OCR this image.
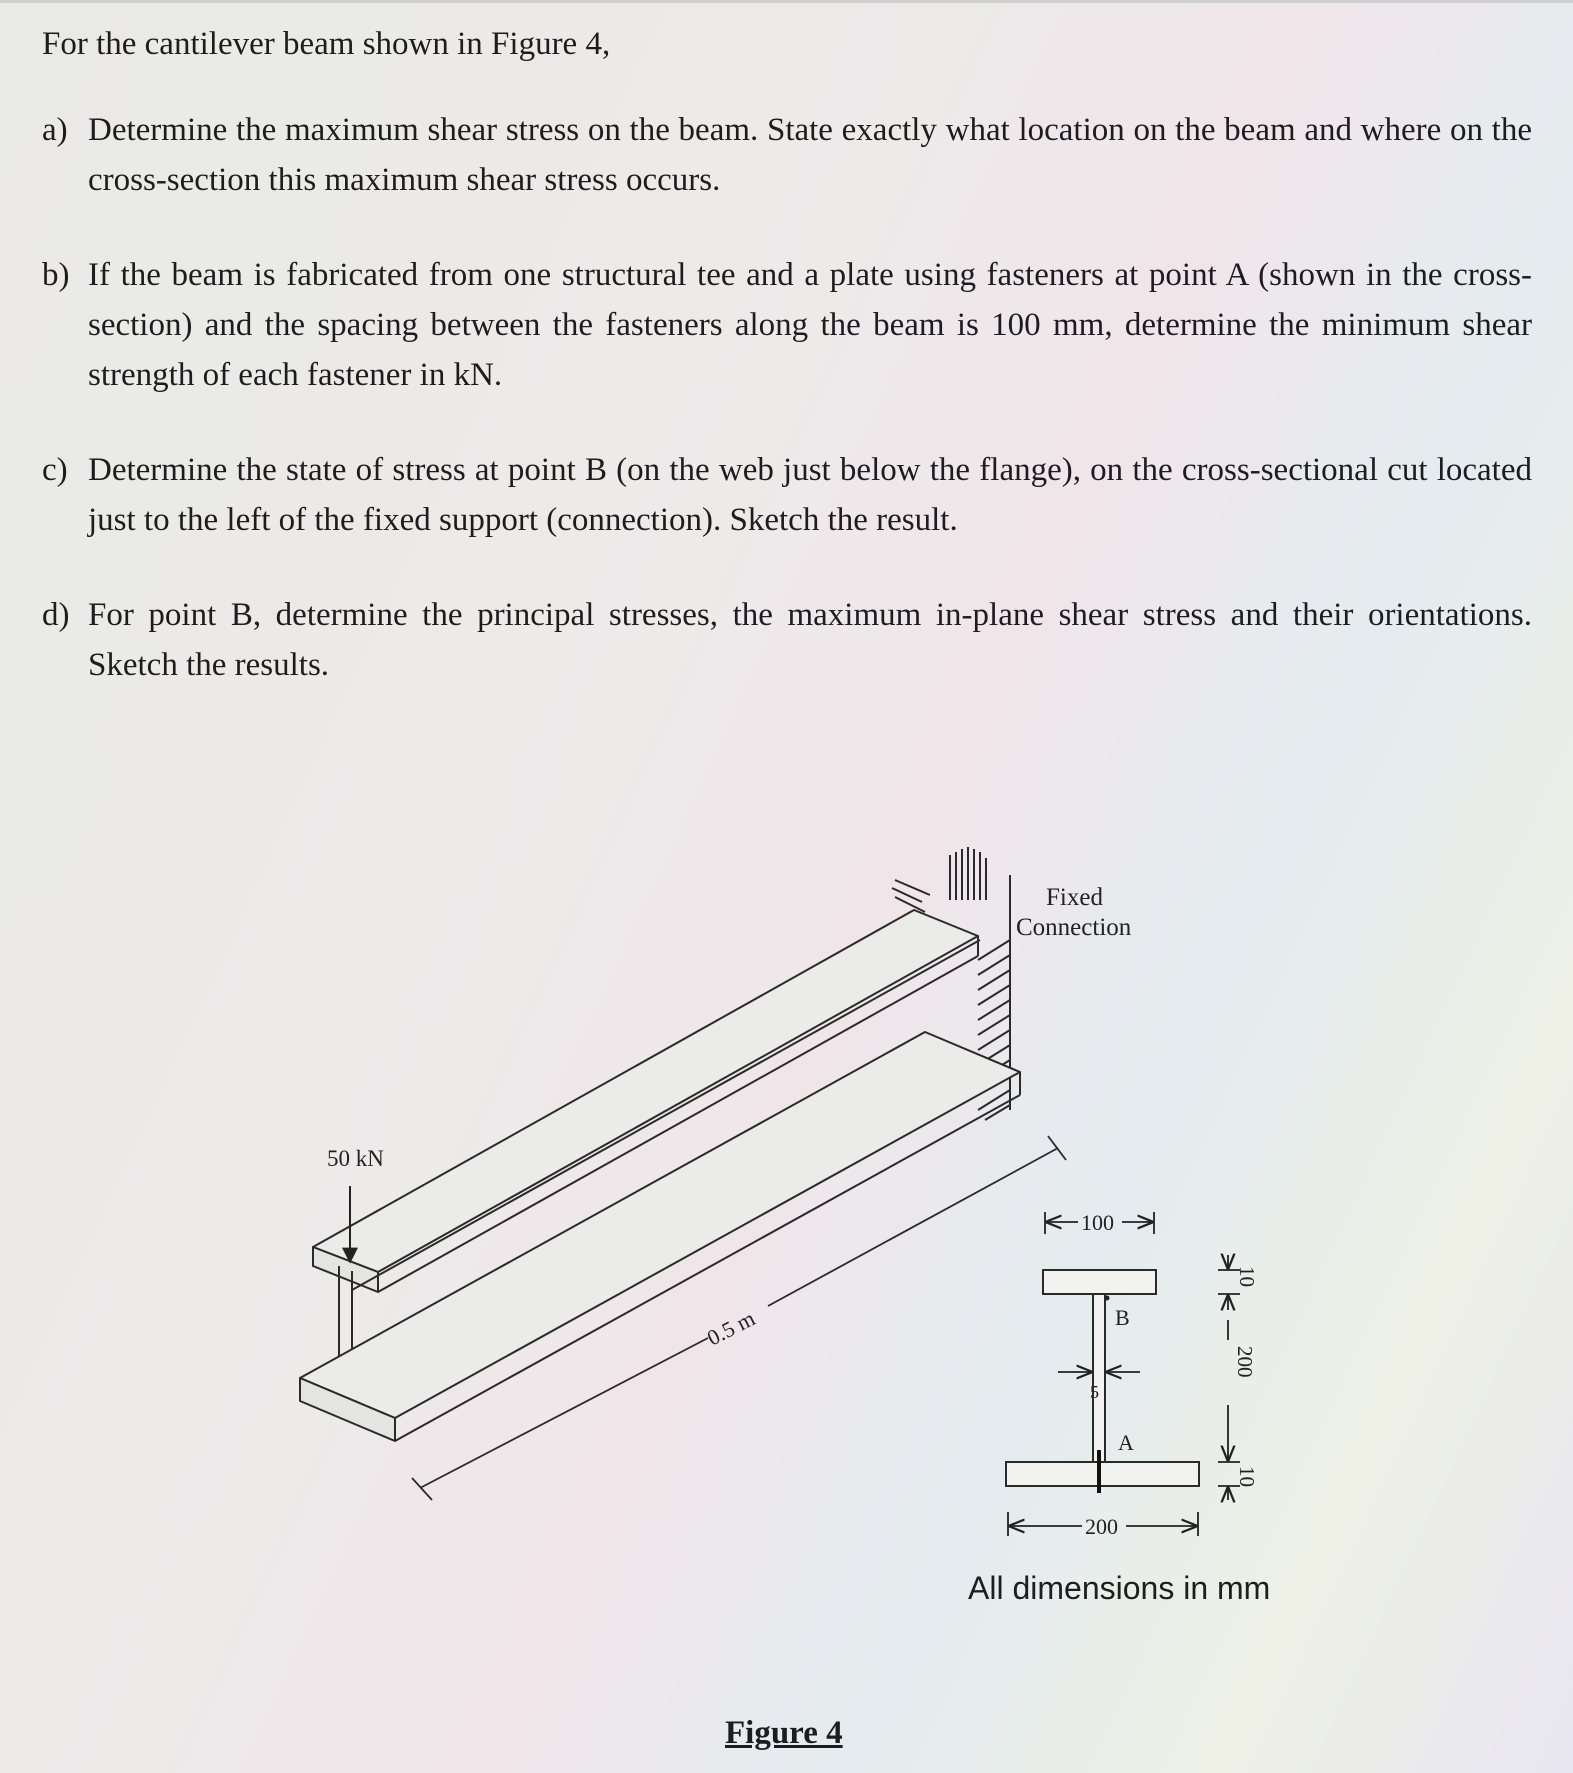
For the cantilever beam shown in Figure 4,
a) Determine the maximum shear stress on the beam. State exactly what location on the beam and where on the cross-section this maximum shear stress occurs.
b) If the beam is fabricated from one structural tee and a plate using fasteners at point A (shown in the cross-section) and the spacing between the fasteners along the beam is 100 mm, determine the minimum shear strength of each fastener in kN.
c) Determine the state of stress at point B (on the web just below the flange), on the cross-sectional cut located just to the left of the fixed support (connection). Sketch the result.
d) For point B, determine the principal stresses, the maximum in-plane shear stress and their orientations. Sketch the results.
50 kN
0.5 m
Fixed
Connection
B
A
100
200
5
10
200
10
All dimensions in mm
Figure 4
